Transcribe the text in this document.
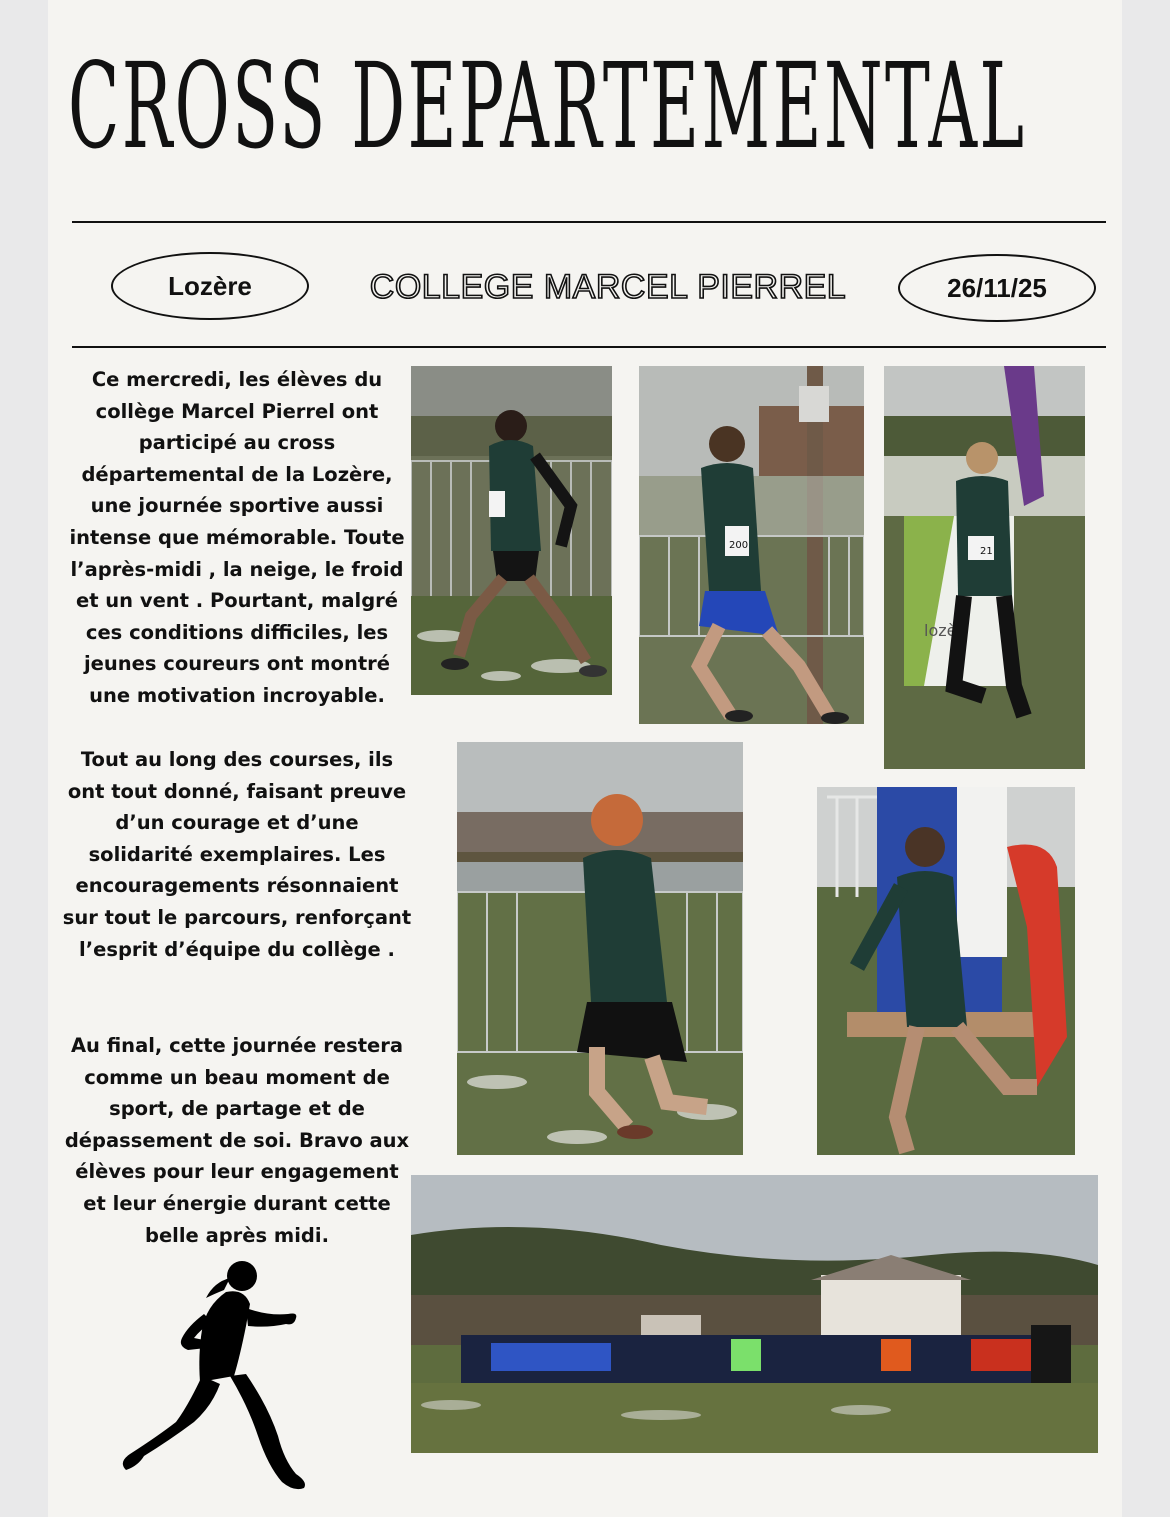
CROSS DEPARTEMENTAL
Lozère	COLLEGE MARCEL PIERREL	26/11/25

Ce mercredi, les élèves du collège Marcel Pierrel ont participé au cross départemental de la Lozère, une journée sportive aussi intense que mémorable. Toute l’après-midi , la neige, le froid et un vent . Pourtant, malgré ces conditions difficiles, les jeunes coureurs ont montré une motivation incroyable.

Tout au long des courses, ils ont tout donné, faisant preuve d’un courage et d’une solidarité exemplaires. Les encouragements résonnaient sur tout le parcours, renforçant l’esprit d’équipe du collège .

Au final, cette journée restera comme un beau moment de sport, de partage et de dépassement de soi. Bravo aux élèves pour leur engagement et leur énergie durant cette belle après midi.

200
lozè
21
